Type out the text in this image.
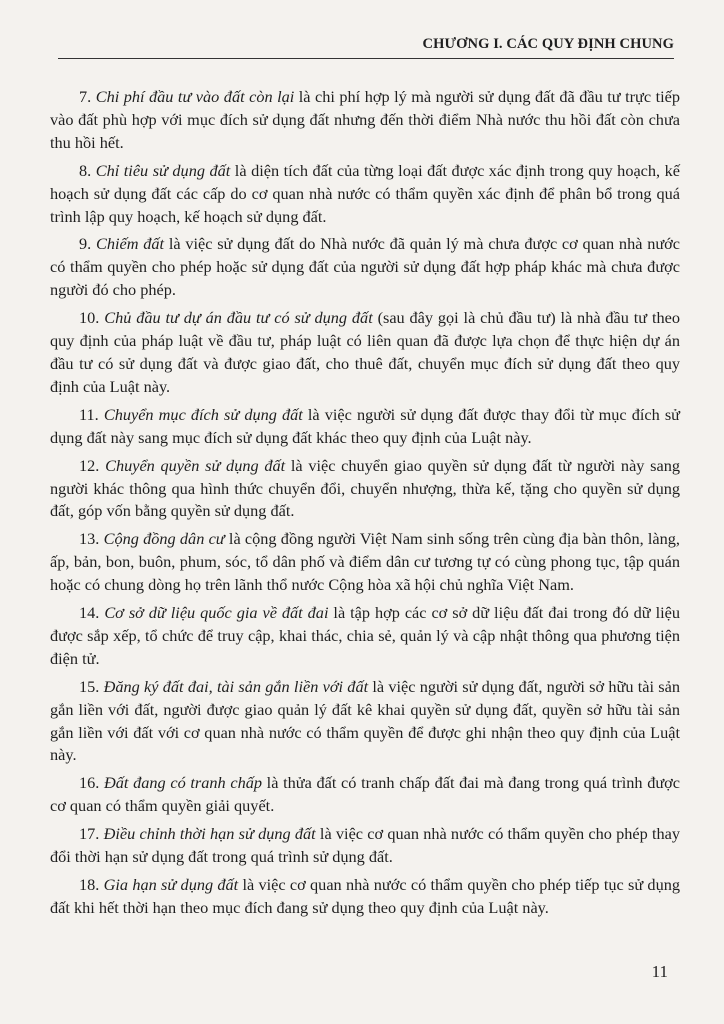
CHƯƠNG I. CÁC QUY ĐỊNH CHUNG

7. Chi phí đầu tư vào đất còn lại là chi phí hợp lý mà người sử dụng đất đã đầu tư trực tiếp vào đất phù hợp với mục đích sử dụng đất nhưng đến thời điểm Nhà nước thu hồi đất còn chưa thu hồi hết.

8. Chỉ tiêu sử dụng đất là diện tích đất của từng loại đất được xác định trong quy hoạch, kế hoạch sử dụng đất các cấp do cơ quan nhà nước có thẩm quyền xác định để phân bổ trong quá trình lập quy hoạch, kế hoạch sử dụng đất.

9. Chiếm đất là việc sử dụng đất do Nhà nước đã quản lý mà chưa được cơ quan nhà nước có thẩm quyền cho phép hoặc sử dụng đất của người sử dụng đất hợp pháp khác mà chưa được người đó cho phép.

10. Chủ đầu tư dự án đầu tư có sử dụng đất (sau đây gọi là chủ đầu tư) là nhà đầu tư theo quy định của pháp luật về đầu tư, pháp luật có liên quan đã được lựa chọn để thực hiện dự án đầu tư có sử dụng đất và được giao đất, cho thuê đất, chuyển mục đích sử dụng đất theo quy định của Luật này.

11. Chuyển mục đích sử dụng đất là việc người sử dụng đất được thay đổi từ mục đích sử dụng đất này sang mục đích sử dụng đất khác theo quy định của Luật này.

12. Chuyển quyền sử dụng đất là việc chuyển giao quyền sử dụng đất từ người này sang người khác thông qua hình thức chuyển đổi, chuyển nhượng, thừa kế, tặng cho quyền sử dụng đất, góp vốn bằng quyền sử dụng đất.

13. Cộng đồng dân cư là cộng đồng người Việt Nam sinh sống trên cùng địa bàn thôn, làng, ấp, bản, bon, buôn, phum, sóc, tổ dân phố và điểm dân cư tương tự có cùng phong tục, tập quán hoặc có chung dòng họ trên lãnh thổ nước Cộng hòa xã hội chủ nghĩa Việt Nam.

14. Cơ sở dữ liệu quốc gia về đất đai là tập hợp các cơ sở dữ liệu đất đai trong đó dữ liệu được sắp xếp, tổ chức để truy cập, khai thác, chia sẻ, quản lý và cập nhật thông qua phương tiện điện tử.

15. Đăng ký đất đai, tài sản gắn liền với đất là việc người sử dụng đất, người sở hữu tài sản gắn liền với đất, người được giao quản lý đất kê khai quyền sử dụng đất, quyền sở hữu tài sản gắn liền với đất với cơ quan nhà nước có thẩm quyền để được ghi nhận theo quy định của Luật này.

16. Đất đang có tranh chấp là thửa đất có tranh chấp đất đai mà đang trong quá trình được cơ quan có thẩm quyền giải quyết.

17. Điều chỉnh thời hạn sử dụng đất là việc cơ quan nhà nước có thẩm quyền cho phép thay đổi thời hạn sử dụng đất trong quá trình sử dụng đất.

18. Gia hạn sử dụng đất là việc cơ quan nhà nước có thẩm quyền cho phép tiếp tục sử dụng đất khi hết thời hạn theo mục đích đang sử dụng theo quy định của Luật này.

11
